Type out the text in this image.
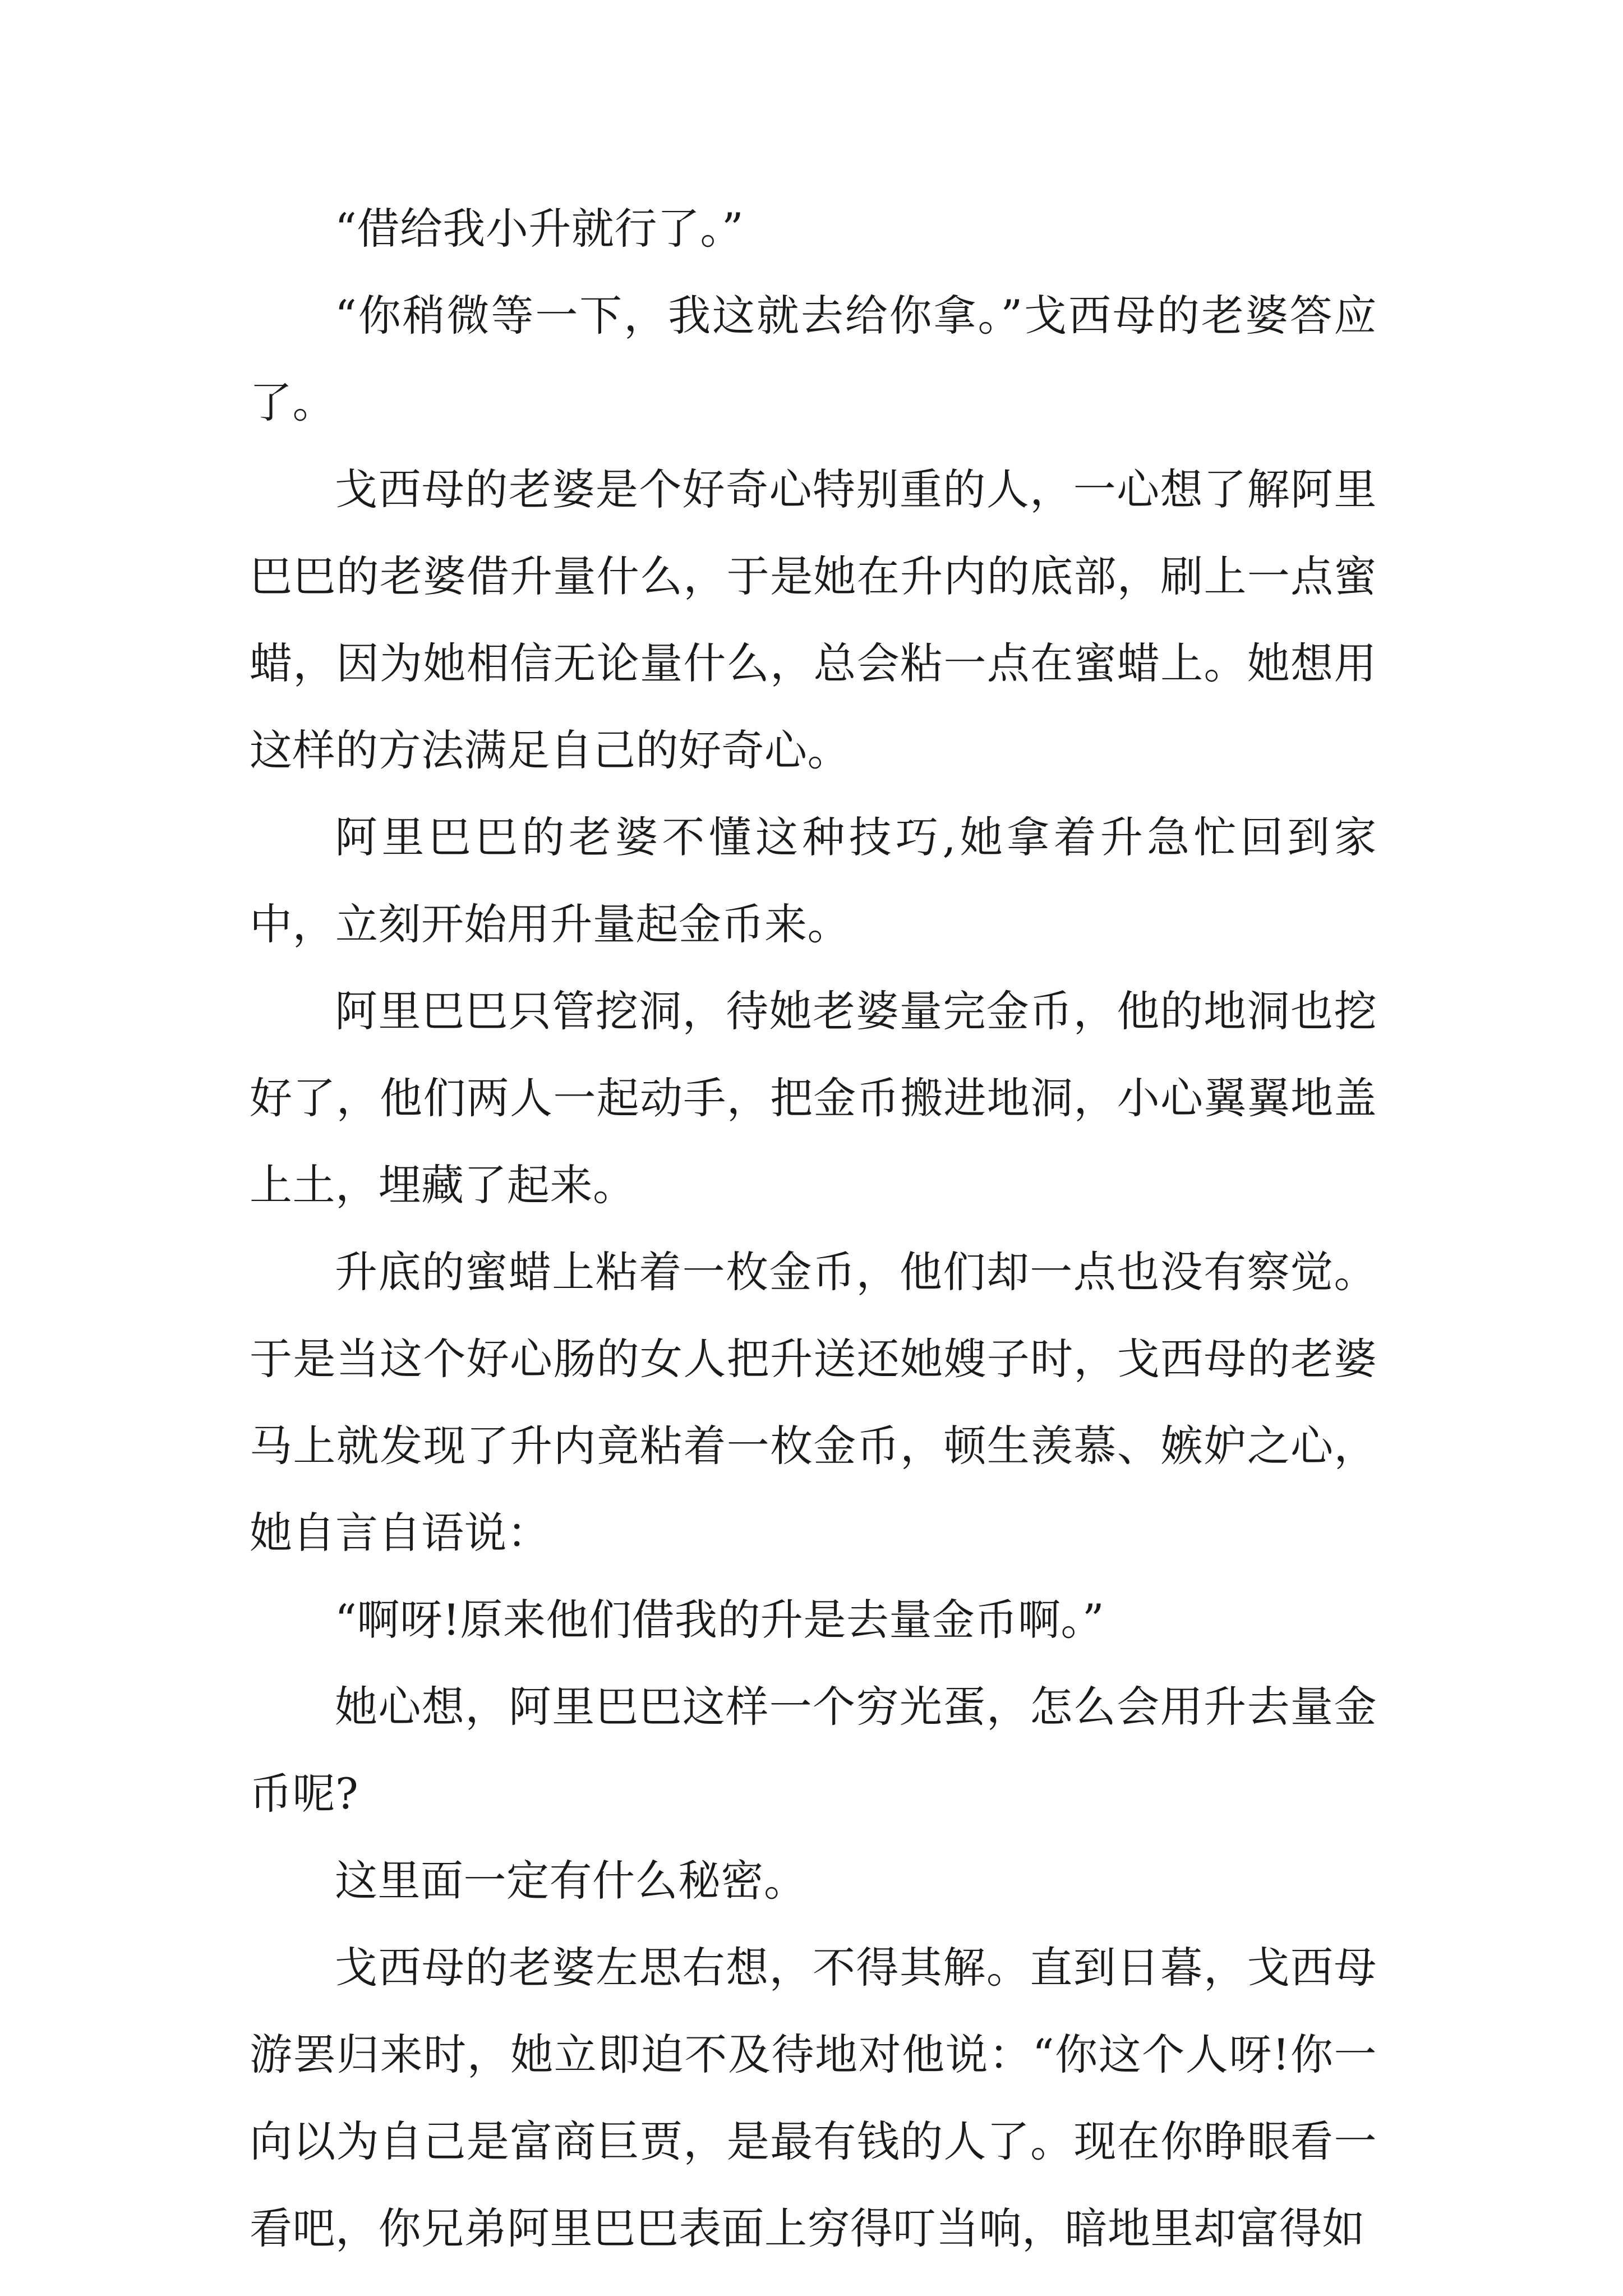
“借给我小升就行了。”

“你稍微等一下，我这就去给你拿。”戈西母的老婆答应了。

戈西母的老婆是个好奇心特别重的人，一心想了解阿里巴巴的老婆借升量什么，于是她在升内的底部，刷上一点蜜蜡，因为她相信无论量什么，总会粘一点在蜜蜡上。她想用这样的方法满足自己的好奇心。

阿里巴巴的老婆不懂这种技巧,她拿着升急忙回到家中，立刻开始用升量起金币来。

阿里巴巴只管挖洞，待她老婆量完金币，他的地洞也挖好了，他们两人一起动手，把金币搬进地洞，小心翼翼地盖上土，埋藏了起来。

升底的蜜蜡上粘着一枚金币，他们却一点也没有察觉。于是当这个好心肠的女人把升送还她嫂子时，戈西母的老婆马上就发现了升内竟粘着一枚金币，顿生羡慕、嫉妒之心，她自言自语说：

“啊呀!原来他们借我的升是去量金币啊。”

她心想，阿里巴巴这样一个穷光蛋，怎么会用升去量金币呢?

这里面一定有什么秘密。

戈西母的老婆左思右想，不得其解。直到日暮，戈西母游罢归来时，她立即迫不及待地对他说：“你这个人呀!你一向以为自己是富商巨贾，是最有钱的人了。现在你睁眼看一看吧，你兄弟阿里巴巴表面上穷得叮当响，暗地里却富得如
